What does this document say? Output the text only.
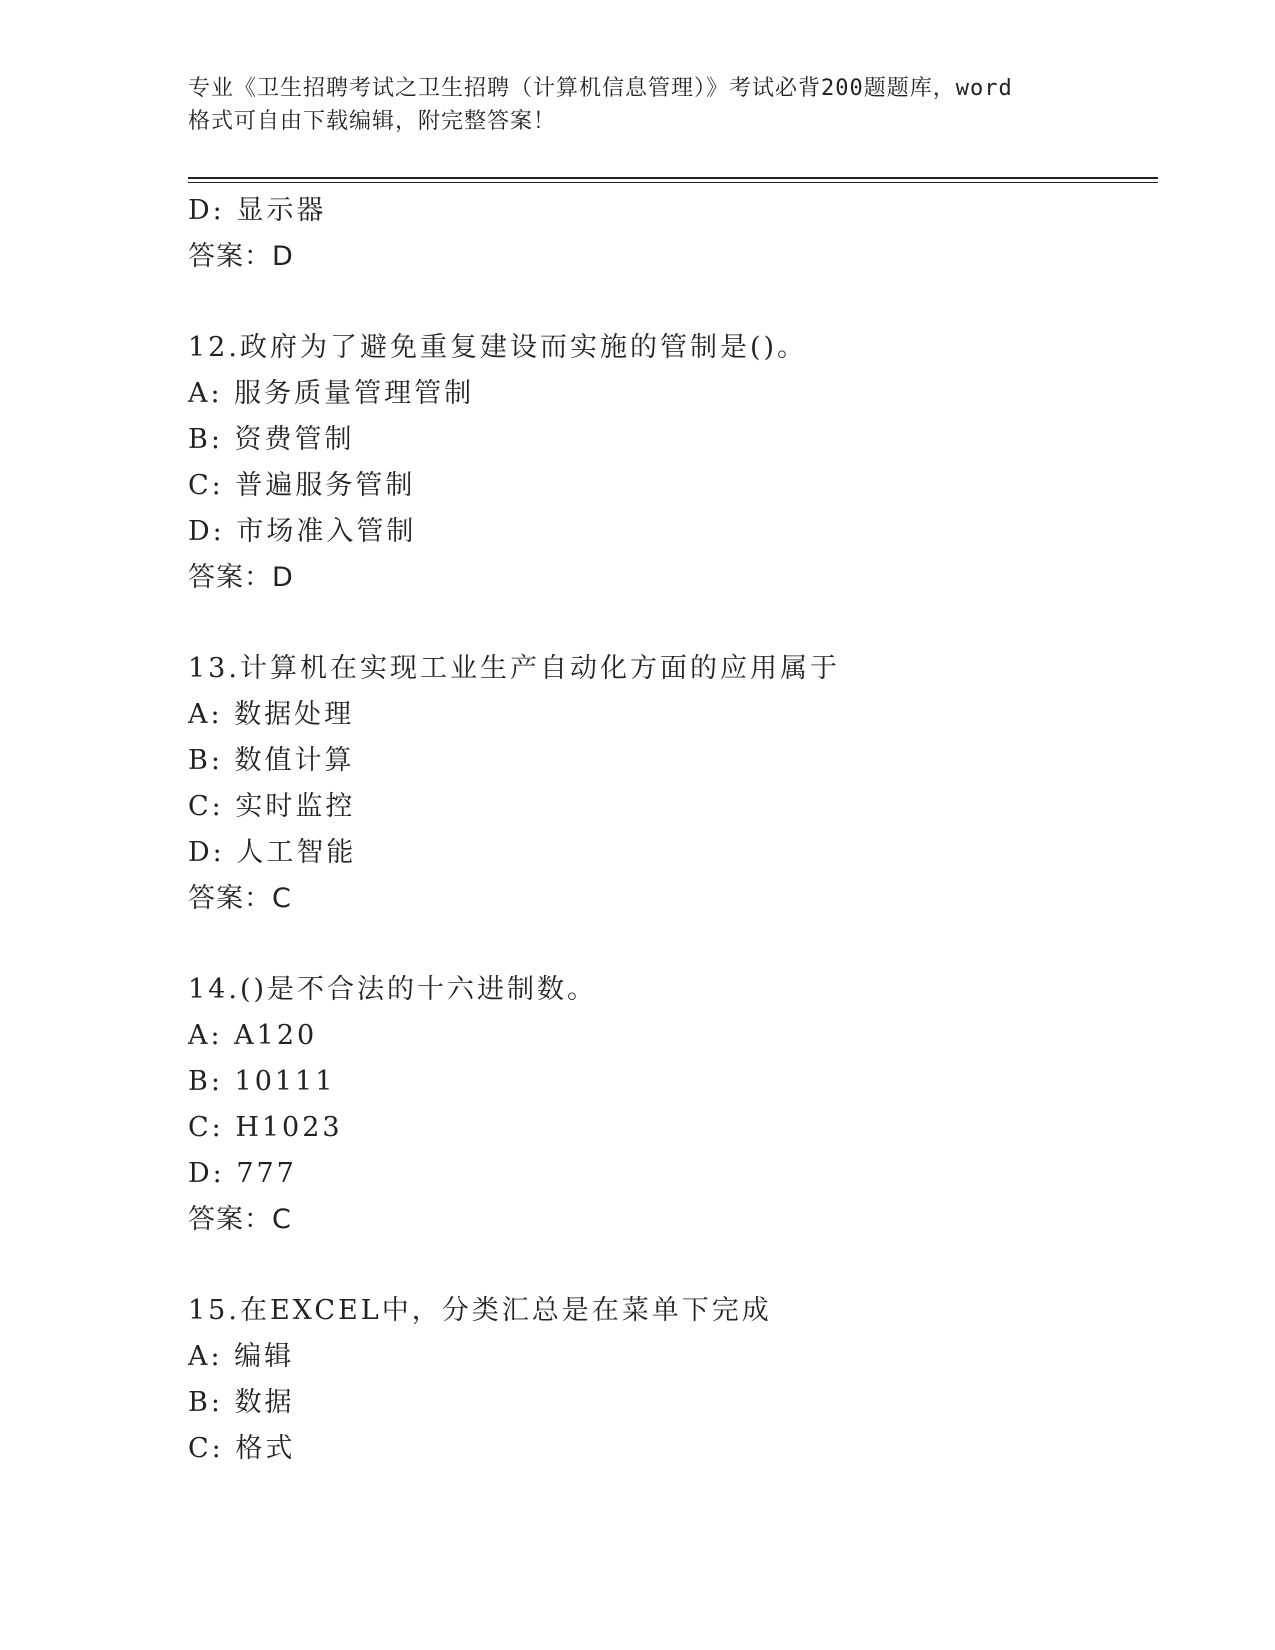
专业《卫生招聘考试之卫生招聘（计算机信息管理）》考试必背200题题库，word
格式可自由下载编辑，附完整答案！
D: 显示器
答案：D
12.政府为了避免重复建设而实施的管制是()。
A: 服务质量管理管制
B: 资费管制
C: 普遍服务管制
D: 市场准入管制
答案：D
13.计算机在实现工业生产自动化方面的应用属于
A: 数据处理
B: 数值计算
C: 实时监控
D: 人工智能
答案：C
14.()是不合法的十六进制数。
A: A120
B: 10111
C: H1023
D: 777
答案：C
15.在EXCEL中，分类汇总是在菜单下完成
A: 编辑
B: 数据
C: 格式
